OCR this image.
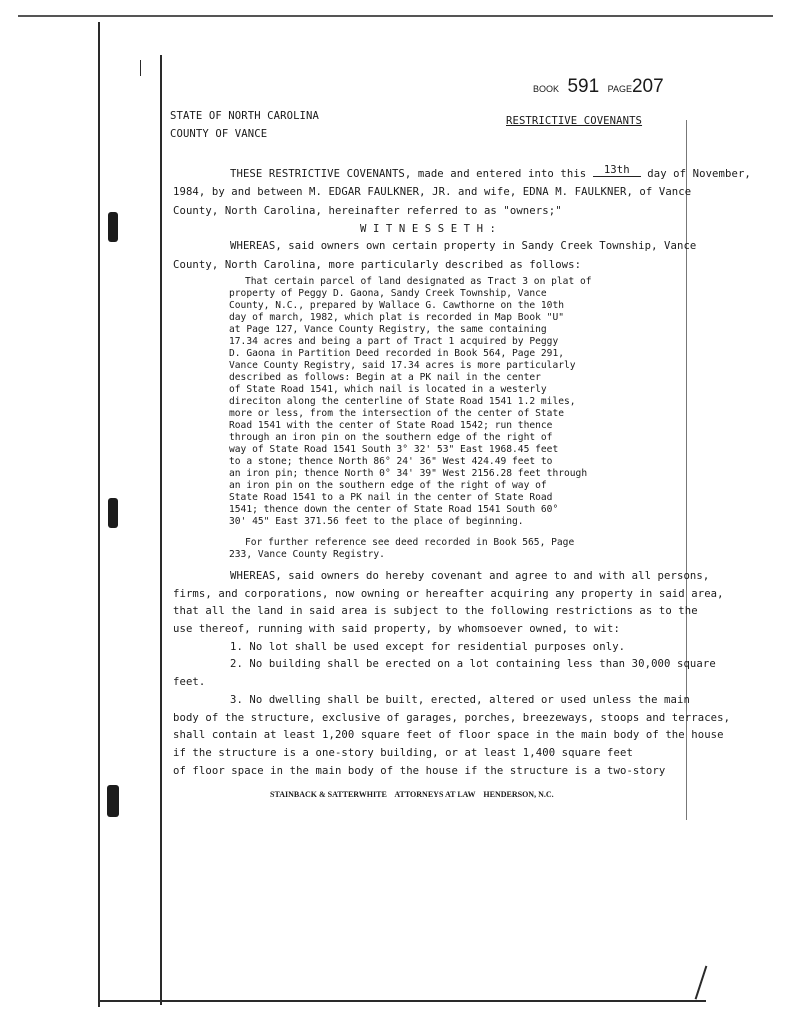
BOOK 591 PAGE207
STATE OF NORTH CAROLINA
COUNTY OF VANCE
RESTRICTIVE COVENANTS
THESE RESTRICTIVE COVENANTS, made and entered into this 13th day of November,
1984, by and between M. EDGAR FAULKNER, JR. and wife, EDNA M. FAULKNER, of Vance
County, North Carolina, hereinafter referred to as "owners;"
W I T N E S S E T H :
WHEREAS, said owners own certain property in Sandy Creek Township, Vance
County, North Carolina, more particularly described as follows:
That certain parcel of land designated as Tract 3 on plat of
property of Peggy D. Gaona, Sandy Creek Township, Vance
County, N.C., prepared by Wallace G. Cawthorne on the 10th
day of march, 1982, which plat is recorded in Map Book "U"
at Page 127, Vance County Registry, the same containing
17.34 acres and being a part of Tract 1 acquired by Peggy
D. Gaona in Partition Deed recorded in Book 564, Page 291,
Vance County Registry, said 17.34 acres is more particularly
described as follows: Begin at a PK nail in the center
of State Road 1541, which nail is located in a westerly
direciton along the centerline of State Road 1541 1.2 miles,
more or less, from the intersection of the center of State
Road 1541 with the center of State Road 1542; run thence
through an iron pin on the southern edge of the right of
way of State Road 1541 South 3° 32' 53" East 1968.45 feet
to a stone; thence North 86° 24' 36" West 424.49 feet to
an iron pin; thence North 0° 34' 39" West 2156.28 feet through
an iron pin on the southern edge of the right of way of
State Road 1541 to a PK nail in the center of State Road
1541; thence down the center of State Road 1541 South 60°
30' 45" East 371.56 feet to the place of beginning.
For further reference see deed recorded in Book 565, Page
233, Vance County Registry.
WHEREAS, said owners do hereby covenant and agree to and with all persons,
firms, and corporations, now owning or hereafter acquiring any property in said area,
that all the land in said area is subject to the following restrictions as to the
use thereof, running with said property, by whomsoever owned, to wit:
1. No lot shall be used except for residential purposes only.
2. No building shall be erected on a lot containing less than 30,000 square
feet.
3. No dwelling shall be built, erected, altered or used unless the main
body of the structure, exclusive of garages, porches, breezeways, stoops and terraces,
shall contain at least 1,200 square feet of floor space in the main body of the house
if the structure is a one-story building, or at least 1,400 square feet
of floor space in the main body of the house if the structure is a two-story
STAINBACK & SATTERWHITE    ATTORNEYS AT LAW    HENDERSON, N.C.
